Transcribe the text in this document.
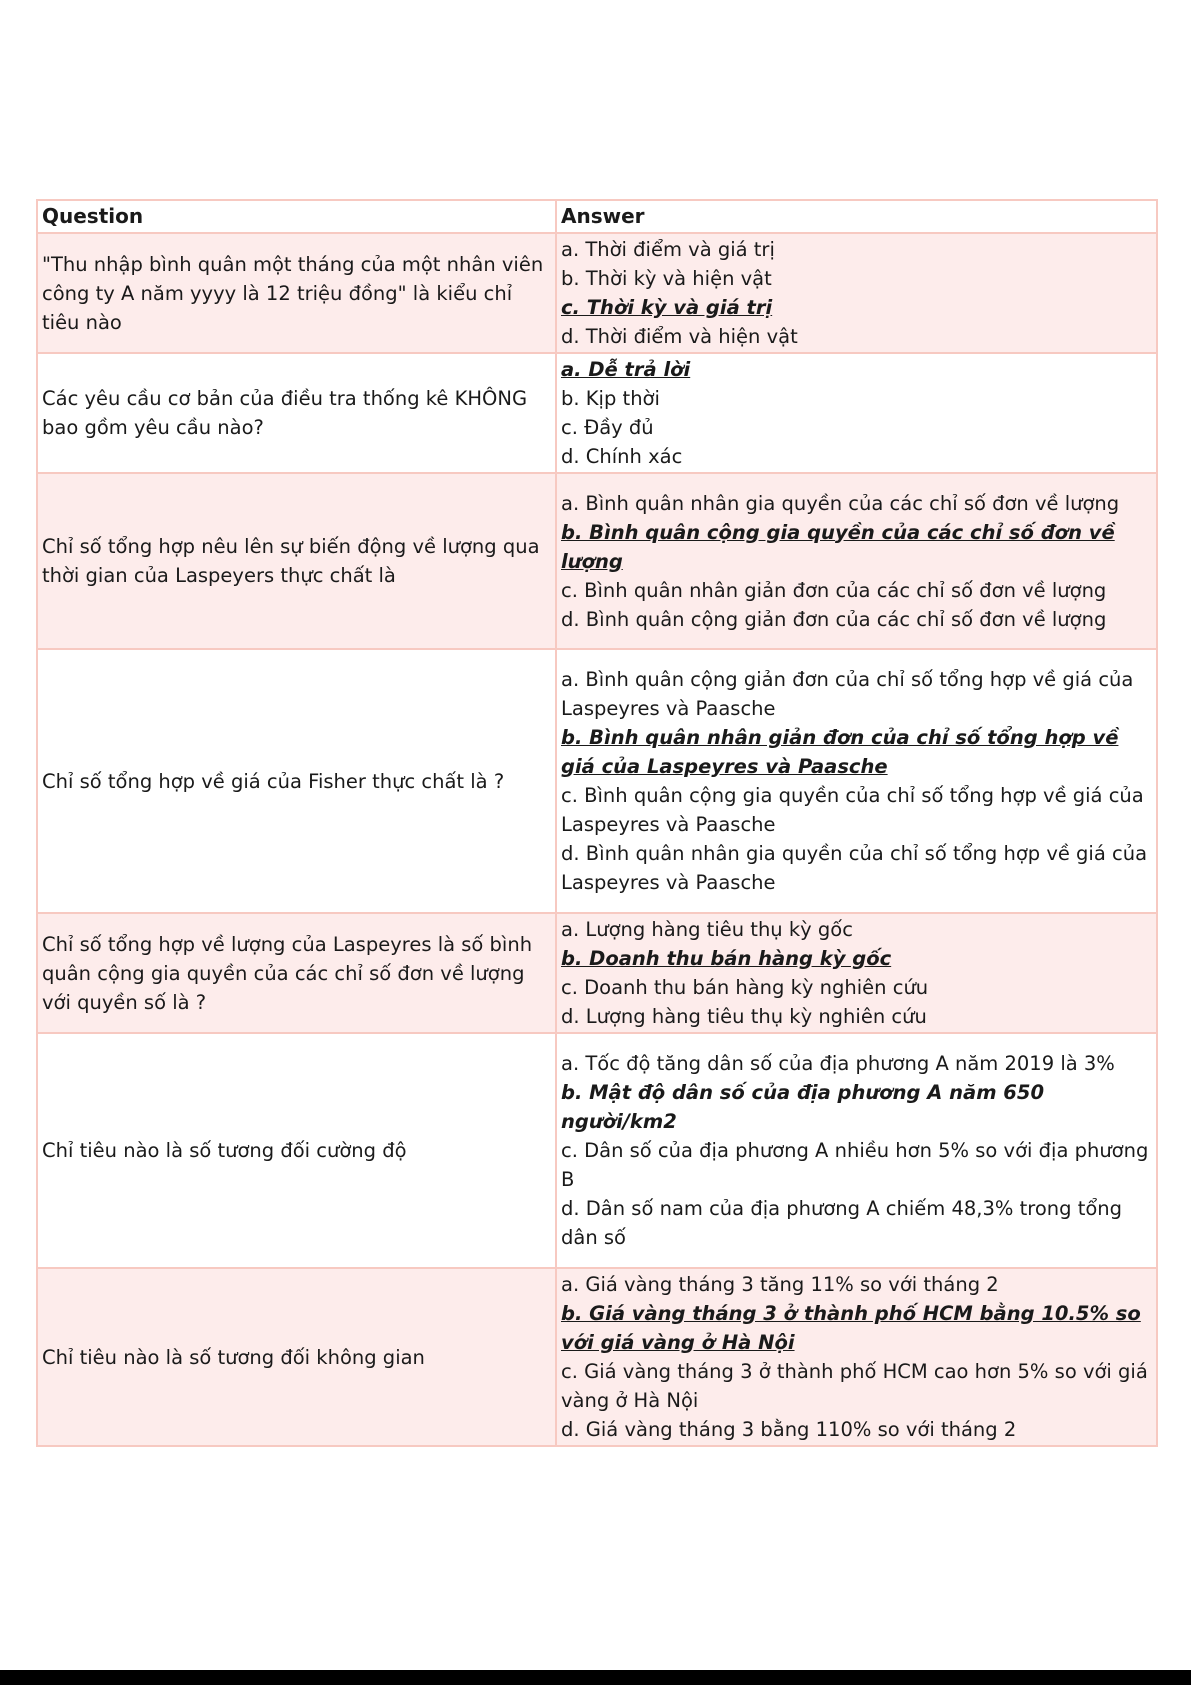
Question	Answer
"Thu nhập bình quân một tháng của một nhân viên công ty A năm yyyy là 12 triệu đồng" là kiểu chỉ tiêu nào	a. Thời điểm và giá trị
b. Thời kỳ và hiện vật
c. Thời kỳ và giá trị
d. Thời điểm và hiện vật

Các yêu cầu cơ bản của điều tra thống kê KHÔNG bao gồm yêu cầu nào?	a. Dễ trả lời
b. Kịp thời
c. Đầy đủ
d. Chính xác

Chỉ số tổng hợp nêu lên sự biến động về lượng qua thời gian của Laspeyers thực chất là	a. Bình quân nhân gia quyền của các chỉ số đơn về lượng
b. Bình quân cộng gia quyền của các chỉ số đơn về lượng
c. Bình quân nhân giản đơn của các chỉ số đơn về lượng
d. Bình quân cộng giản đơn của các chỉ số đơn về lượng

Chỉ số tổng hợp về giá của Fisher thực chất là ?	a. Bình quân cộng giản đơn của chỉ số tổng hợp về giá của Laspeyres và Paasche
b. Bình quân nhân giản đơn của chỉ số tổng hợp về giá của Laspeyres và Paasche
c. Bình quân cộng gia quyền của chỉ số tổng hợp về giá của Laspeyres và Paasche
d. Bình quân nhân gia quyền của chỉ số tổng hợp về giá của Laspeyres và Paasche

Chỉ số tổng hợp về lượng của Laspeyres là số bình quân cộng gia quyền của các chỉ số đơn về lượng với quyền số là ?	a. Lượng hàng tiêu thụ kỳ gốc
b. Doanh thu bán hàng kỳ gốc
c. Doanh thu bán hàng kỳ nghiên cứu
d. Lượng hàng tiêu thụ kỳ nghiên cứu

Chỉ tiêu nào là số tương đối cường độ	a. Tốc độ tăng dân số của địa phương A năm 2019 là 3%
b. Mật độ dân số của địa phương A năm 650 người/km2
c. Dân số của địa phương A nhiều hơn 5% so với địa phương B
d. Dân số nam của địa phương A chiếm 48,3% trong tổng dân số

Chỉ tiêu nào là số tương đối không gian	a. Giá vàng tháng 3 tăng 11% so với tháng 2
b. Giá vàng tháng 3 ở thành phố HCM bằng 10.5% so với giá vàng ở Hà Nội
c. Giá vàng tháng 3 ở thành phố HCM cao hơn 5% so với giá vàng ở Hà Nội
d. Giá vàng tháng 3 bằng 110% so với tháng 2
